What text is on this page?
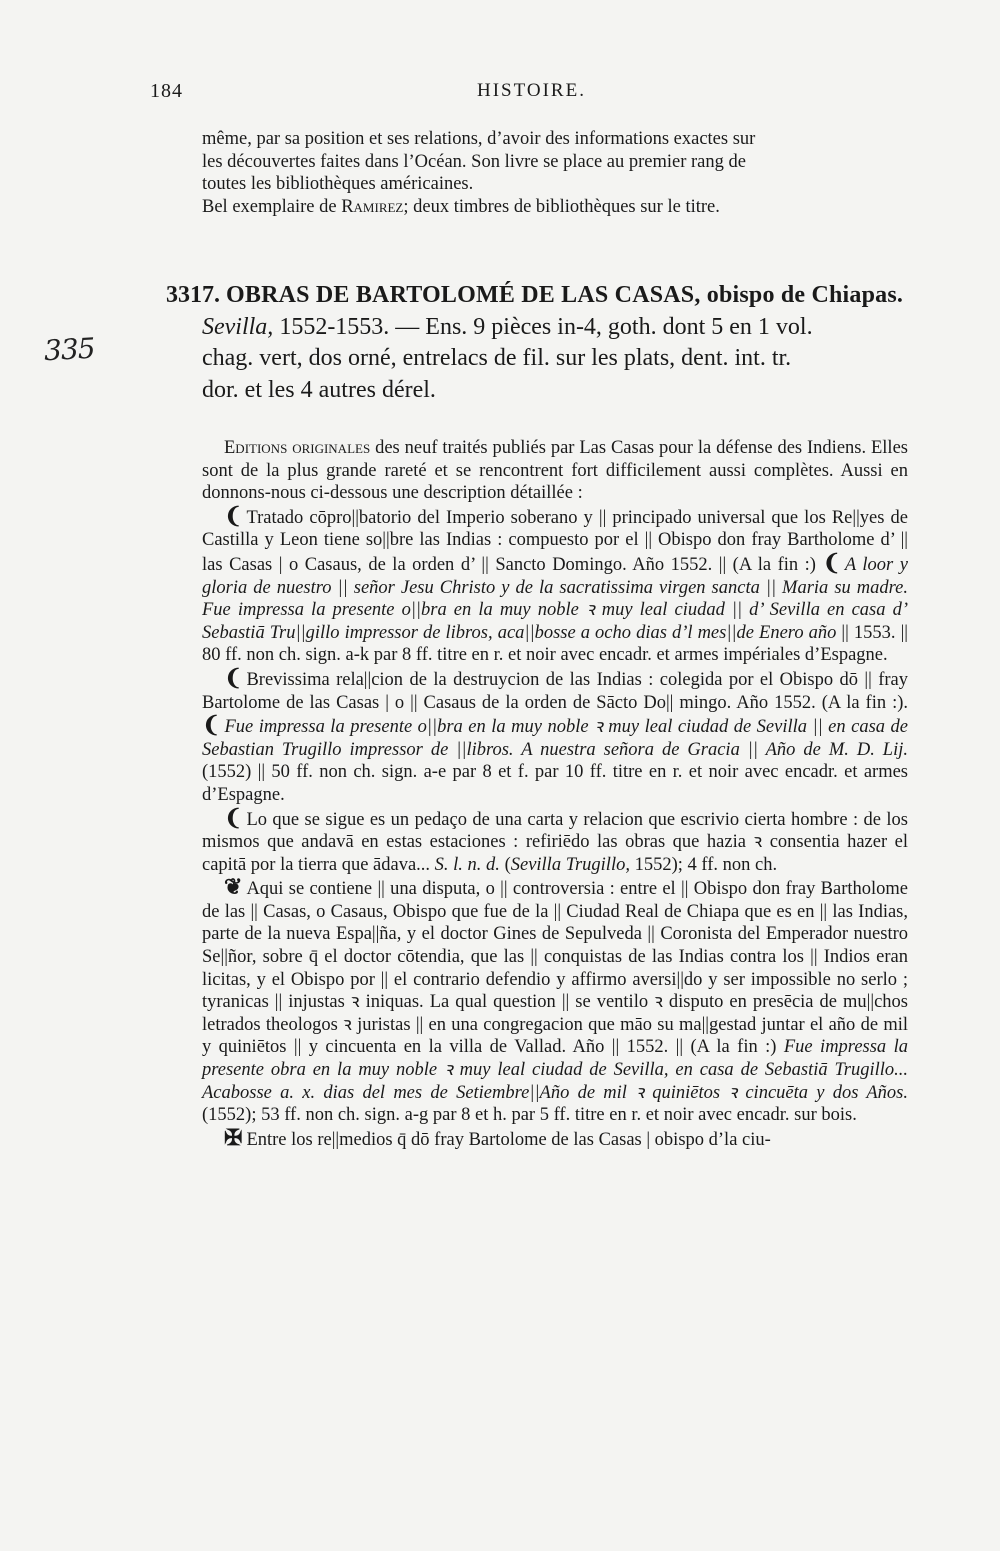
184	HISTOIRE.

même, par sa position et ses relations, d’avoir des informations exactes sur

les découvertes faites dans l’Océan. Son livre se place au premier rang de

toutes les bibliothèques américaines.

Bel exemplaire de Ramirez; deux timbres de bibliothèques sur le titre.

3317. OBRAS DE BARTOLOMÉ DE LAS CASAS, obispo de Chiapas.

Sevilla, 1552-1553. — Ens. 9 pièces in-4, goth. dont 5 en 1 vol.

chag. vert, dos orné, entrelacs de fil. sur les plats, dent. int. tr.

dor. et les 4 autres dérel.

335

Editions originales des neuf traités publiés par Las Casas pour la défense des Indiens. Elles sont de la plus grande rareté et se rencontrent fort difficilement aussi complètes. Aussi en donnons-nous ci-dessous une description détaillée :

❨ Tratado cōpro||batorio del Imperio soberano y || principado universal que los Re||yes de Castilla y Leon tiene so||bre las Indias : compuesto por el || Obispo don fray Bartholome d’ || las Casas | o Casaus, de la orden d’ || Sancto Domingo. Año 1552. || (A la fin :) ❨ A loor y gloria de nuestro || señor Jesu Christo y de la sacratissima virgen sancta || Maria su madre. Fue impressa la presente o||bra en la muy noble ꝛ muy leal ciudad || d’ Sevilla en casa d’ Sebastiā Tru||gillo impressor de libros, aca||bosse a ocho dias d’l mes||de Enero año || 1553. || 80 ff. non ch. sign. a-k par 8 ff. titre en r. et noir avec encadr. et armes impériales d’Espagne.

❨ Brevissima rela||cion de la destruycion de las Indias : colegida por el Obispo dō || fray Bartolome de las Casas | o || Casaus de la orden de Sācto Do|| mingo. Año 1552. (A la fin :). ❨ Fue impressa la presente o||bra en la muy noble ꝛ muy leal ciudad de Sevilla || en casa de Sebastian Trugillo impressor de ||libros. A nuestra señora de Gracia || Año de M. D. Lij. (1552) || 50 ff. non ch. sign. a-e par 8 et f. par 10 ff. titre en r. et noir avec encadr. et armes d’Espagne.

❨ Lo que se sigue es un pedaço de una carta y relacion que escrivio cierta hombre : de los mismos que andavā en estas estaciones : refiriēdo las obras que hazia ꝛ consentia hazer el capitā por la tierra que ādava... S. l. n. d. (Sevilla Trugillo, 1552); 4 ff. non ch.

❦ Aqui se contiene || una disputa, o || controversia : entre el || Obispo don fray Bartholome de las || Casas, o Casaus, Obispo que fue de la || Ciudad Real de Chiapa que es en || las Indias, parte de la nueva Espa||ña, y el doctor Gines de Sepulveda || Coronista del Emperador nuestro Se||ñor, sobre q̄ el doctor cōtendia, que las || conquistas de las Indias contra los || Indios eran licitas, y el Obispo por || el contrario defendio y affirmo aversi||do y ser impossible no serlo ; tyranicas || injustas ꝛ iniquas. La qual question || se ventilo ꝛ disputo en presēcia de mu||chos letrados theologos ꝛ juristas || en una congregacion que māo su ma||gestad juntar el año de mil y quiniētos || y cincuenta en la villa de Vallad. Año || 1552. || (A la fin :) Fue impressa la presente obra en la muy noble ꝛ muy leal ciudad de Sevilla, en casa de Sebastiā Trugillo... Acabosse a. x. dias del mes de Setiembre||Año de mil ꝛ quiniētos ꝛ cincuēta y dos Años. (1552); 53 ff. non ch. sign. a-g par 8 et h. par 5 ff. titre en r. et noir avec encadr. sur bois.

✠ Entre los re||medios q̄ dō fray Bartolome de las Casas | obispo d’la ciu-
